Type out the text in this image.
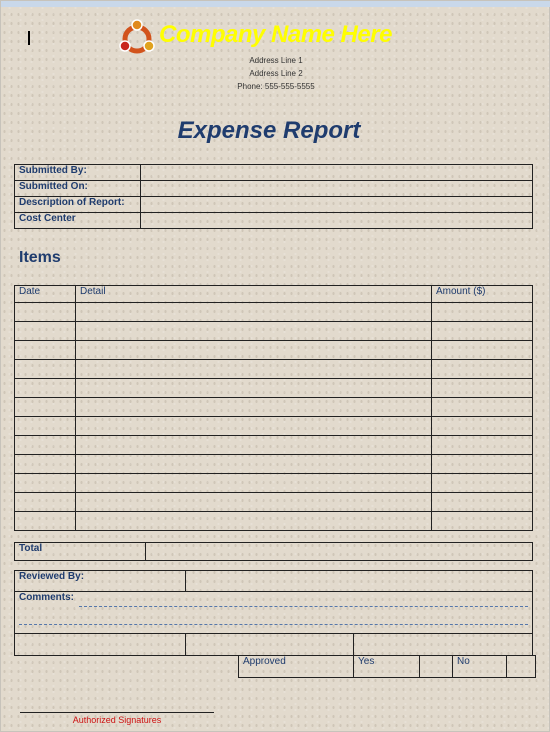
Company Name Here
Address Line 1
Address Line 2
Phone: 555-555-5555
Expense Report
Submitted By:	
Submitted On:	
Description of Report:	
Cost Center	
Items
Date	Detail	Amount ($)

Total	
Reviewed By:	
Comments:

Approved	Yes		No	
Authorized Signatures
